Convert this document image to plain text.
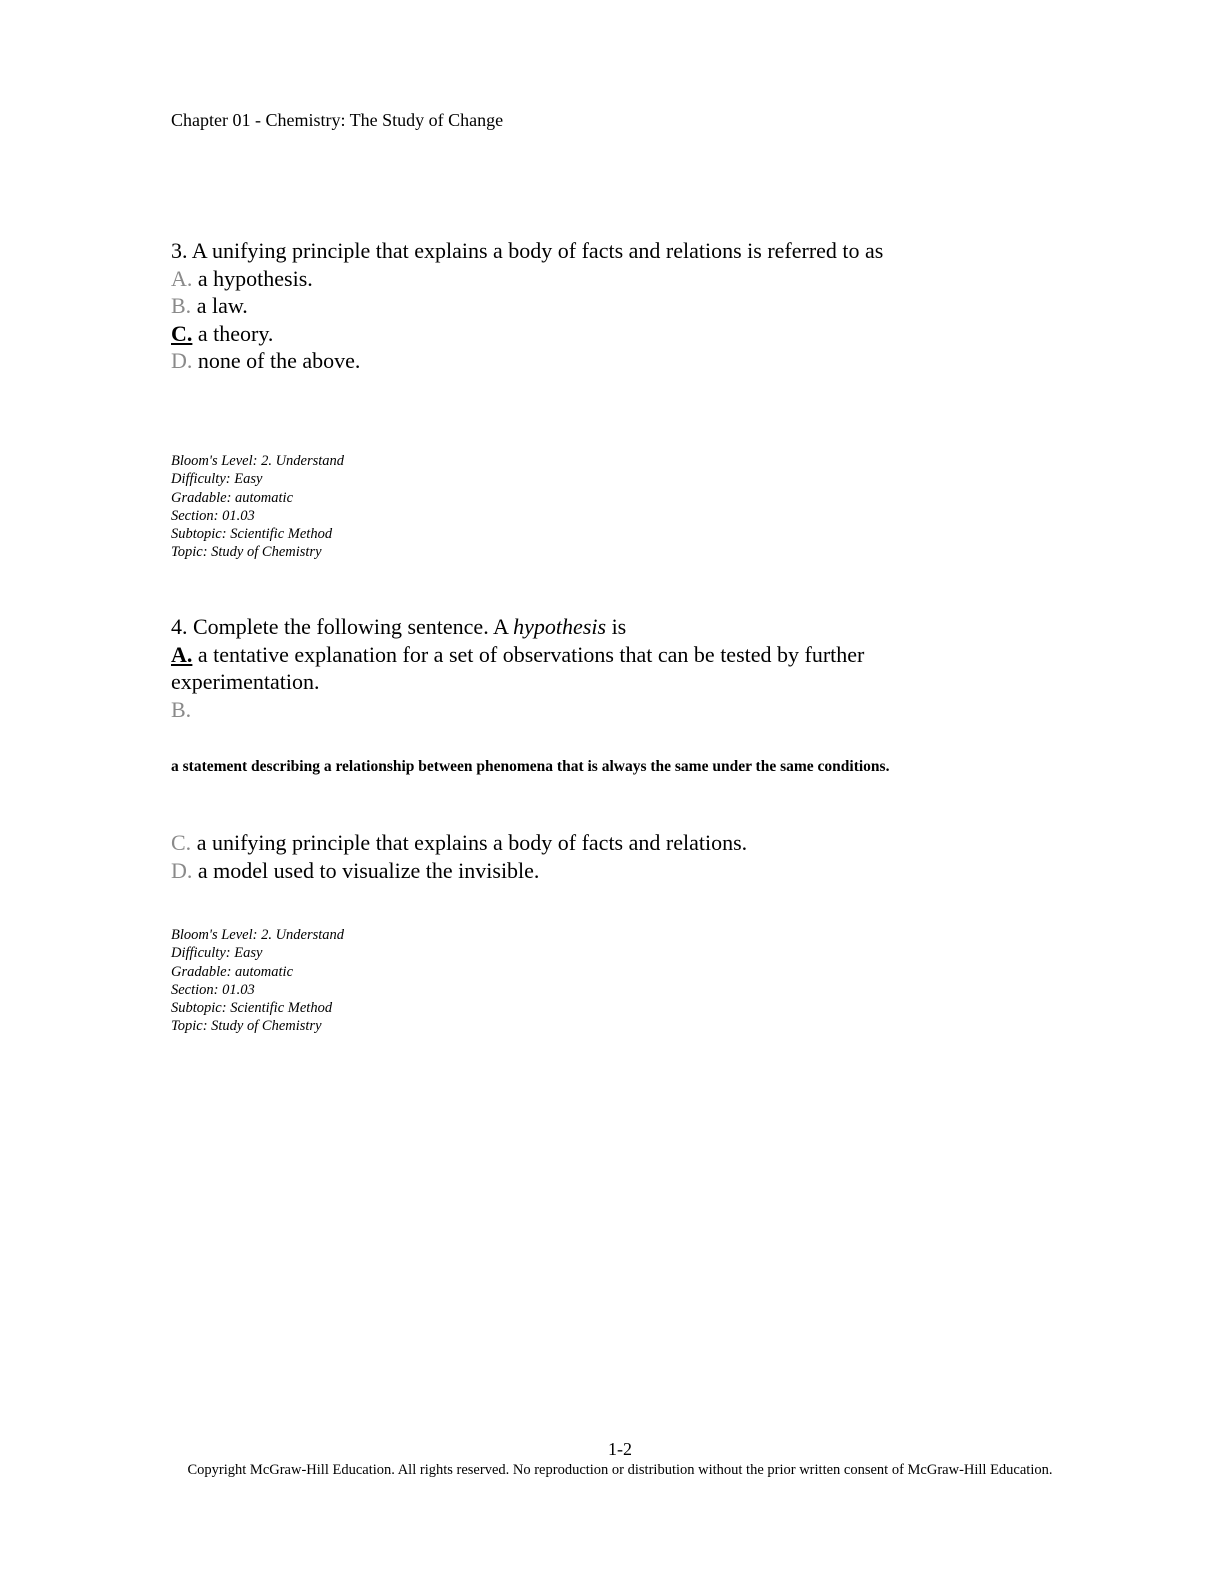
Chapter 01 - Chemistry: The Study of Change
3. A unifying principle that explains a body of facts and relations is referred to as
A. a hypothesis.
B. a law.
C. a theory.
D. none of the above.
Bloom's Level: 2. Understand
Difficulty: Easy
Gradable: automatic
Section: 01.03
Subtopic: Scientific Method
Topic: Study of Chemistry
4. Complete the following sentence. A hypothesis is
A. a tentative explanation for a set of observations that can be tested by further experimentation.
B.
a statement describing a relationship between phenomena that is always the same under the same conditions.
C. a unifying principle that explains a body of facts and relations.
D. a model used to visualize the invisible.
Bloom's Level: 2. Understand
Difficulty: Easy
Gradable: automatic
Section: 01.03
Subtopic: Scientific Method
Topic: Study of Chemistry
1-2
Copyright McGraw-Hill Education. All rights reserved. No reproduction or distribution without the prior written consent of McGraw-Hill Education.
